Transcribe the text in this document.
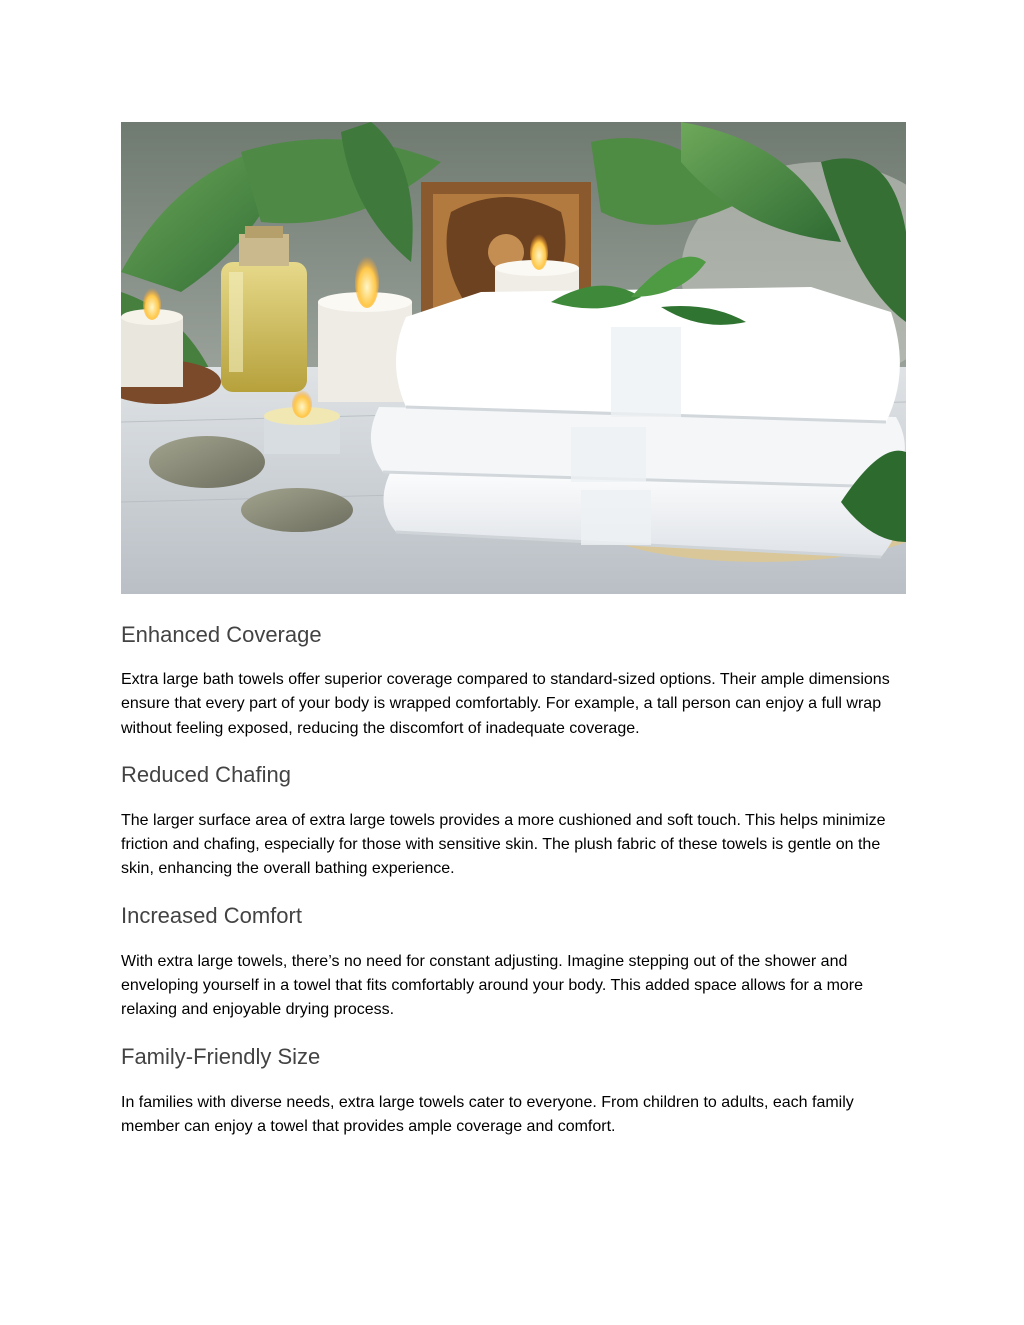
Enhanced Coverage

Extra large bath towels offer superior coverage compared to standard-sized options. Their ample dimensions ensure that every part of your body is wrapped comfortably. For example, a tall person can enjoy a full wrap without feeling exposed, reducing the discomfort of inadequate coverage.

Reduced Chafing

The larger surface area of extra large towels provides a more cushioned and soft touch. This helps minimize friction and chafing, especially for those with sensitive skin. The plush fabric of these towels is gentle on the skin, enhancing the overall bathing experience.

Increased Comfort

With extra large towels, there’s no need for constant adjusting. Imagine stepping out of the shower and enveloping yourself in a towel that fits comfortably around your body. This added space allows for a more relaxing and enjoyable drying process.

Family-Friendly Size

In families with diverse needs, extra large towels cater to everyone. From children to adults, each family member can enjoy a towel that provides ample coverage and comfort.
